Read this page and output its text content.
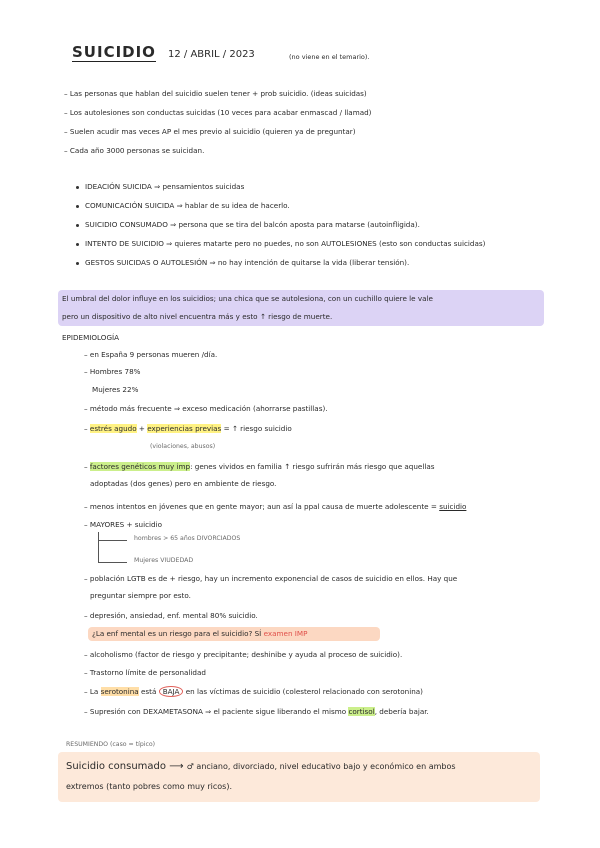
SUICIDIO 12 / ABRIL / 2023	(no viene en el temario).
– Las personas que hablan del suicidio suelen tener + prob suicidio. (ideas suicidas)
– Los autolesiones son conductas suicidas (10 veces para acabar enmascad / llamad)
– Suelen acudir mas veces AP el mes previo al suicidio (quieren ya de preguntar)
– Cada año 3000 personas se suicidan.
IDEACIÓN SUICIDA ⇒ pensamientos suicidas
COMUNICACIÓN SUICIDA ⇒ hablar de su idea de hacerlo.
SUICIDIO CONSUMADO ⇒ persona que se tira del balcón aposta para matarse (autoinfligida).
INTENTO DE SUICIDIO ⇒ quieres matarte pero no puedes, no son AUTOLESIONES (esto son conductas suicidas)
GESTOS SUICIDAS O AUTOLESIÓN ⇒ no hay intención de quitarse la vida (liberar tensión).
El umbral del dolor influye en los suicidios; una chica que se autolesiona, con un cuchillo quiere le vale
pero un dispositivo de alto nivel encuentra más y esto ↑ riesgo de muerte.
EPIDEMIOLOGÍA
– en España 9 personas mueren /día.
– Hombres 78%
Mujeres 22%
– método más frecuente ⇒ exceso medicación (ahorrarse pastillas).
– estrés agudo + experiencias previas = ↑ riesgo suicidio
(violaciones, abusos)
– factores genéticos muy imp: genes vividos en familia ↑ riesgo sufrirán más riesgo que aquellas
adoptadas (dos genes) pero en ambiente de riesgo.
– menos intentos en jóvenes que en gente mayor; aun así la ppal causa de muerte adolescente = suicidio
– MAYORES + suicidio
hombres > 65 años DIVORCIADOS
Mujeres VIUDEDAD
– población LGTB es de + riesgo, hay un incremento exponencial de casos de suicidio en ellos. Hay que
preguntar siempre por esto.
– depresión, ansiedad, enf. mental 80% suicidio.
¿La enf mental es un riesgo para el suicidio? SÍ examen IMP
– alcoholismo (factor de riesgo y precipitante; deshinibe y ayuda al proceso de suicidio).
– Trastorno límite de personalidad
– La serotonina está BAJA en las víctimas de suicidio (colesterol relacionado con serotonina)
– Supresión con DEXAMETASONA ⇒ el paciente sigue liberando el mismo cortisol, debería bajar.
RESUMIENDO (caso = típico)
Suicidio consumado ⟶ ♂ anciano, divorciado, nivel educativo bajo y económico en ambos
extremos (tanto pobres como muy ricos).
